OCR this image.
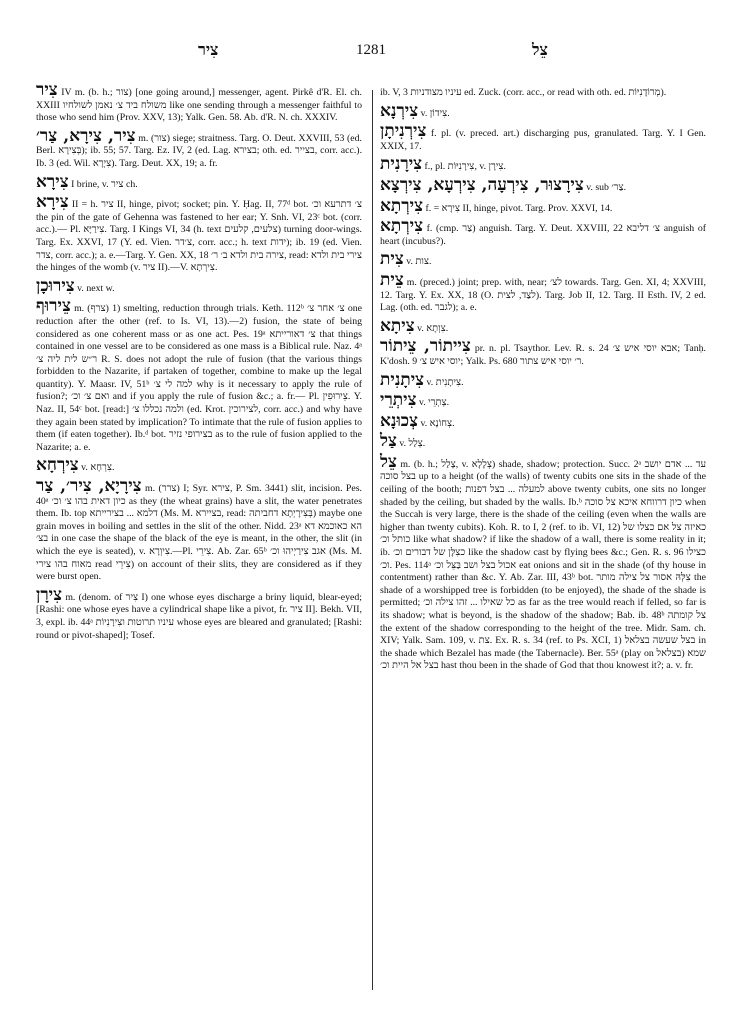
צִיר	1281	צֵל

צִיר IV m. (b. h.; צור) [one going around,] messenger, agent. Pirkê d'R. El. ch. XXIII משולח ביד צ׳ נאמן לשולחיו like one sending through a messenger faithful to those who send him (Prov. XXV, 13); Yalk. Gen. 58. Ab. d'R. N. ch. XXXIV.

צִיר, צִירָא, צַר׳ m. (צור) siege; straitness. Targ. O. Deut. XXVIII, 53 (ed. Berl. בְּצִירָא); ib. 55; 57. Targ. Ez. IV, 2 (ed. Lag. בצירא; oth. ed. בצייר, corr. acc.). Ib. 3 (ed. Wil. צִיְרָא). Targ. Deut. XX, 19; a. fr.

צִירָא I brine, v. ציר ch.

צִירָא II = h. ציר II, hinge, pivot; socket; pin. Y. Ḥag. II, 77ᵈ bot. צ׳ דתרעא וכ׳ the pin of the gate of Gehenna was fastened to her ear; Y. Snh. VI, 23ᶜ bot. (corr. acc.).— Pl. צִירַיָּא. Targ. I Kings VI, 34 (h. text צלעים, קלעים) turning door-wings. Targ. Ex. XXVI, 17 (Y. ed. Vien. צ׳דר, corr. acc.; h. text ידות); ib. 19 (ed. Vien. צדר, corr. acc.); a. e.—Targ. Y. Gen. XX, 18 צירה בית ולדא ב׳ ר׳, read: צירי בית ולדא the hinges of the womb (v. ציר II).—V. צִירְתָא.

צִירוּכָן v. next w.

צֵירוּף m. (צרף) 1) smelting, reduction through trials. Keth. 112ᵇ צ׳ אחר צ׳ one reduction after the other (ref. to Is. VI, 13).—2) fusion, the state of being considered as one coherent mass or as one act. Pes. 19ᵃ צ׳ דאורייתא that things contained in one vessel are to be considered as one mass is a Biblical rule. Naz. 4ᵃ ר״ש לית ליה צ׳ R. S. does not adopt the rule of fusion (that the various things forbidden to the Nazarite, if partaken of together, combine to make up the legal quantity). Y. Maasr. IV, 51ᵇ למה לי צ׳ why is it necessary to apply the rule of fusion?; ואם צ׳ וכ׳ and if you apply the rule of fusion &c.; a. fr.— Pl. צֵירוּפִין. Y. Naz. II, 54ᶜ bot. [read:] ולמה נכללו צ׳ (ed. Krot. לצירוכין, corr. acc.) and why have they again been stated by implication? To intimate that the rule of fusion applies to them (if eaten together). Ib.ᵈ bot. בצירופי נזיר as to the rule of fusion applied to the Nazarite; a. e.

צִירְחָא v. צִרְחָא.

צִירָיָא, צִיר׳, צַר m. (צרר) I; Syr. צירא, P. Sm. 3441) slit, incision. Pes. 40ᵃ כיון דאית בהו צ׳ וכ׳ as they (the wheat grains) have a slit, the water penetrates them. Ib. top דלמא ... בצירייתא (Ms. M. בציירא, read: בְּצִירָיְתָא דחביתה) maybe one grain moves in boiling and settles in the slit of the other. Nidd. 23ᵃ הא כאוכמא דא בצ׳ in one case the shape of the black of the eye is meant, in the other, the slit (in which the eye is seated), v. צִיוְרָא.—Pl. צִירֵי. Ab. Zar. 65ᵇ אגב צִירַיְיהוּ וכ׳ (Ms. M. מאוח בהו צירי read צִירֵי) on account of their slits, they are considered as if they were burst open.

צִירָן m. (denom. of צִיר I) one whose eyes discharge a briny liquid, blear-eyed; [Rashi: one whose eyes have a cylindrical shape like a pivot, fr. ציר II]. Bekh. VII, 3, expl. ib. 44ᵃ עיניו תרוטות וצִירָנִיוֹת whose eyes are bleared and granulated; [Rashi: round or pivot-shaped]; Tosef.

ib. V, 3 עיניו מצודניות ed. Zuck. (corr. acc., or read with oth. ed. מְרוֹדָנִיּוֹת).

צִירְנָא v. צִידוֹן.

צִירְנִיתָן f. pl. (v. preced. art.) discharging pus, granulated. Targ. Y. I Gen. XXIX, 17.

צִירָנִית f., pl. צִירָנִיּוֹת, v. צִירָן.

צִירָצוּר, צִירְעָה, צִירְעָא, צִירְצָא v. sub צַר׳.

צִירְתָא f. = צִירָא II, hinge, pivot. Targ. Prov. XXVI, 14.

צִירְתָא f. (cmp. צַר) anguish. Targ. Y. Deut. XXVIII, 22 צ׳ דליבא anguish of heart (incubus?).

צִית v. צות.

צֵית m. (preced.) joint; prep. with, near; לצ׳ towards. Targ. Gen. XI, 4; XXVIII, 12. Targ. Y. Ex. XX, 18 (O. לצַד, לצית). Targ. Job II, 12. Targ. II Esth. IV, 2 ed. Lag. (oth. ed. לגבר); a. e.

צִיתָא v. צִוְתָא.

צִייתוֹר, צֵיתוֹר pr. n. pl. Tsaythor. Lev. R. s. 24 אבא יוסי איש צ׳; Tanḥ. K'dosh. 9 יוסי איש צ׳; Yalk. Ps. 680 ר׳ יוסי איש צתור.

צִיתָנִית v. צִיתָנִית.

צִיתְרֵי v. צְתְרֵי.

צְכוּנָא v. צְחוֹנָא.

צַל v. צְלַל.

צֵל m. (b. h.; צָלַל, v. צְלָלָא) shade, shadow; protection. Succ. 2ᵃ עד ... אדם יושב בצל סוכה up to a height (of the walls) of twenty cubits one sits in the shade of the ceiling of the booth; למעלה ... בצל דפנות above twenty cubits, one sits no longer shaded by the ceiling, but shaded by the walls. Ib.ᵇ כיון דרווחא איכא צל סוכה when the Succah is very large, there is the shade of the ceiling (even when the walls are higher than twenty cubits). Koh. R. to I, 2 (ref. to ib. VI, 12) כאיזה צל אם כצלו של כותל וכ׳ like what shadow? if like the shadow of a wall, there is some reality in it; ib. כצִלָּן של דבורים וכ׳ like the shadow cast by flying bees &c.; Gen. R. s. 96 כצילו וכ׳. Pes. 114ᵃ אכול בצל ושב בַּצֵּל וכ׳ eat onions and sit in the shade (of thy house in contentment) rather than &c. Y. Ab. Zar. III, 43ᵇ bot. צִלְּהּ אסור צל צילה מותר the shade of a worshipped tree is forbidden (to be enjoyed), the shade of the shade is permitted; כל שאילו ... זהו צילה וכ׳ as far as the tree would reach if felled, so far is its shadow; what is beyond, is the shadow of the shadow; Bab. ib. 48ᵇ צל קומתה the extent of the shadow corresponding to the height of the tree. Midr. Sam. ch. XIV; Yalk. Sam. 109, v. צת. Ex. R. s. 34 (ref. to Ps. XCI, 1) בצל שעשה בצלאל in the shade which Bezalel has made (the Tabernacle). Ber. 55ᵃ (play on בצלאל) שמא בצל אל היית וכ׳ hast thou been in the shade of God that thou knowest it?; a. v. fr.
